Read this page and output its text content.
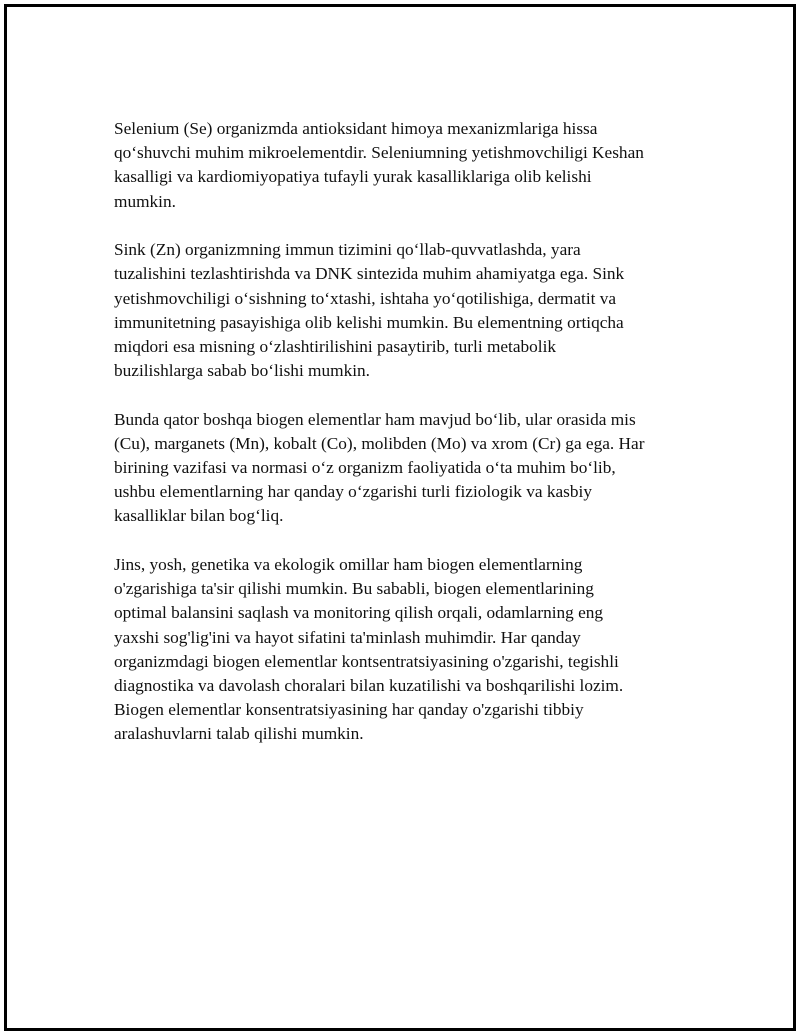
Selenium (Se) organizmda antioksidant himoya mexanizmlariga hissa
qo‘shuvchi muhim mikroelementdir. Seleniumning yetishmovchiligi Keshan
kasalligi va kardiomiyopatiya tufayli yurak kasalliklariga olib kelishi
mumkin.

Sink (Zn) organizmning immun tizimini qo‘llab-quvvatlashda, yara
tuzalishini tezlashtirishda va DNK sintezida muhim ahamiyatga ega. Sink
yetishmovchiligi o‘sishning to‘xtashi, ishtaha yo‘qotilishiga, dermatit va
immunitetning pasayishiga olib kelishi mumkin. Bu elementning ortiqcha
miqdori esa misning o‘zlashtirilishini pasaytirib, turli metabolik
buzilishlarga sabab bo‘lishi mumkin.

Bunda qator boshqa biogen elementlar ham mavjud bo‘lib, ular orasida mis
(Cu), marganets (Mn), kobalt (Co), molibden (Mo) va xrom (Cr) ga ega. Har
birining vazifasi va normasi o‘z organizm faoliyatida o‘ta muhim bo‘lib,
ushbu elementlarning har qanday o‘zgarishi turli fiziologik va kasbiy
kasalliklar bilan bog‘liq.

Jins, yosh, genetika va ekologik omillar ham biogen elementlarning
o'zgarishiga ta'sir qilishi mumkin. Bu sababli, biogen elementlarining
optimal balansini saqlash va monitoring qilish orqali, odamlarning eng
yaxshi sog'lig'ini va hayot sifatini ta'minlash muhimdir. Har qanday
organizmdagi biogen elementlar kontsentratsiyasining o'zgarishi, tegishli
diagnostika va davolash choralari bilan kuzatilishi va boshqarilishi lozim.
Biogen elementlar konsentratsiyasining har qanday o'zgarishi tibbiy
aralashuvlarni talab qilishi mumkin.
